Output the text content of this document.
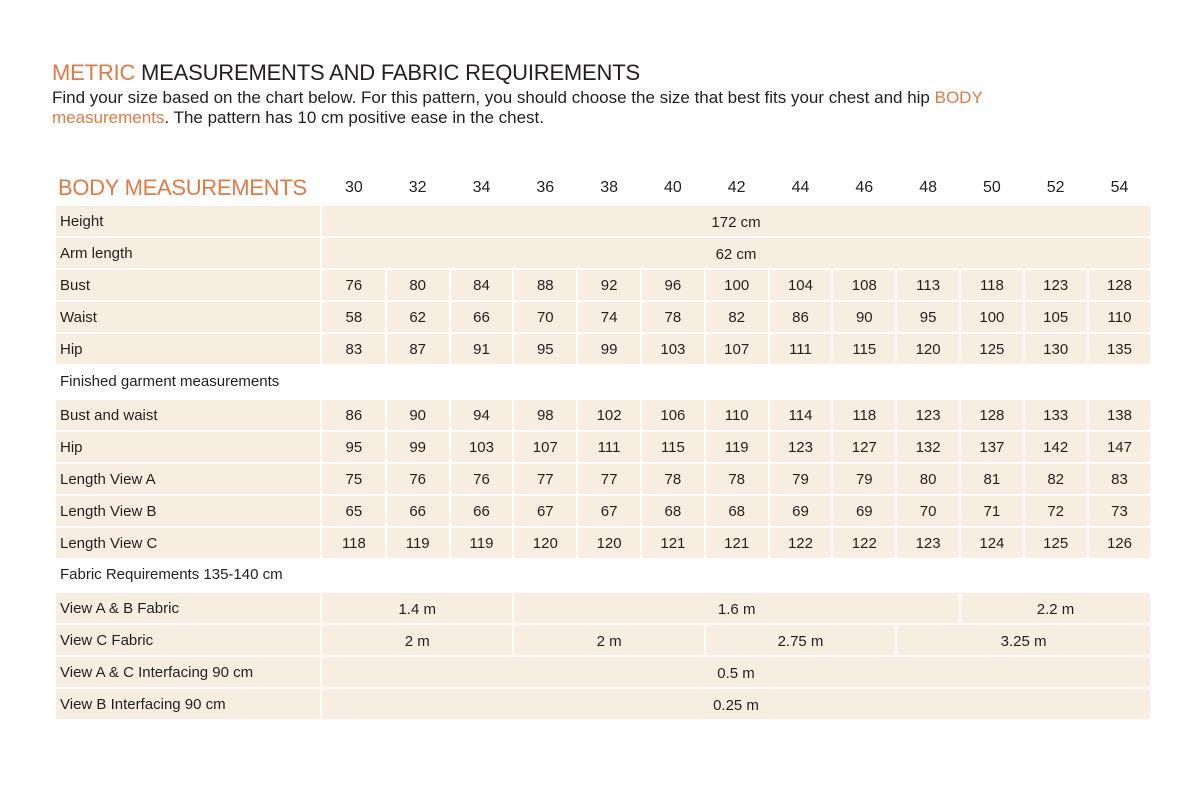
METRIC MEASUREMENTS AND FABRIC REQUIREMENTS
Find your size based on the chart below. For this pattern, you should choose the size that best fits your chest and hip BODY measurements. The pattern has 10 cm positive ease in the chest.
BODY MEASUREMENTS	30	32	34	36	38	40	42	44	46	48	50	52	54
Height	172 cm
Arm length	62 cm
Bust	76	80	84	88	92	96	100	104	108	113	118	123	128
Waist	58	62	66	70	74	78	82	86	90	95	100	105	110
Hip	83	87	91	95	99	103	107	111	115	120	125	130	135
Finished garment measurements
Bust and waist	86	90	94	98	102	106	110	114	118	123	128	133	138
Hip	95	99	103	107	111	115	119	123	127	132	137	142	147
Length View A	75	76	76	77	77	78	78	79	79	80	81	82	83
Length View B	65	66	66	67	67	68	68	69	69	70	71	72	73
Length View C	118	119	119	120	120	121	121	122	122	123	124	125	126
Fabric Requirements 135-140 cm
View A & B Fabric	1.4 m	1.6 m	2.2 m
View C Fabric	2 m	2 m	2.75 m	3.25 m
View A & C Interfacing 90 cm	0.5 m
View B Interfacing 90 cm	0.25 m
